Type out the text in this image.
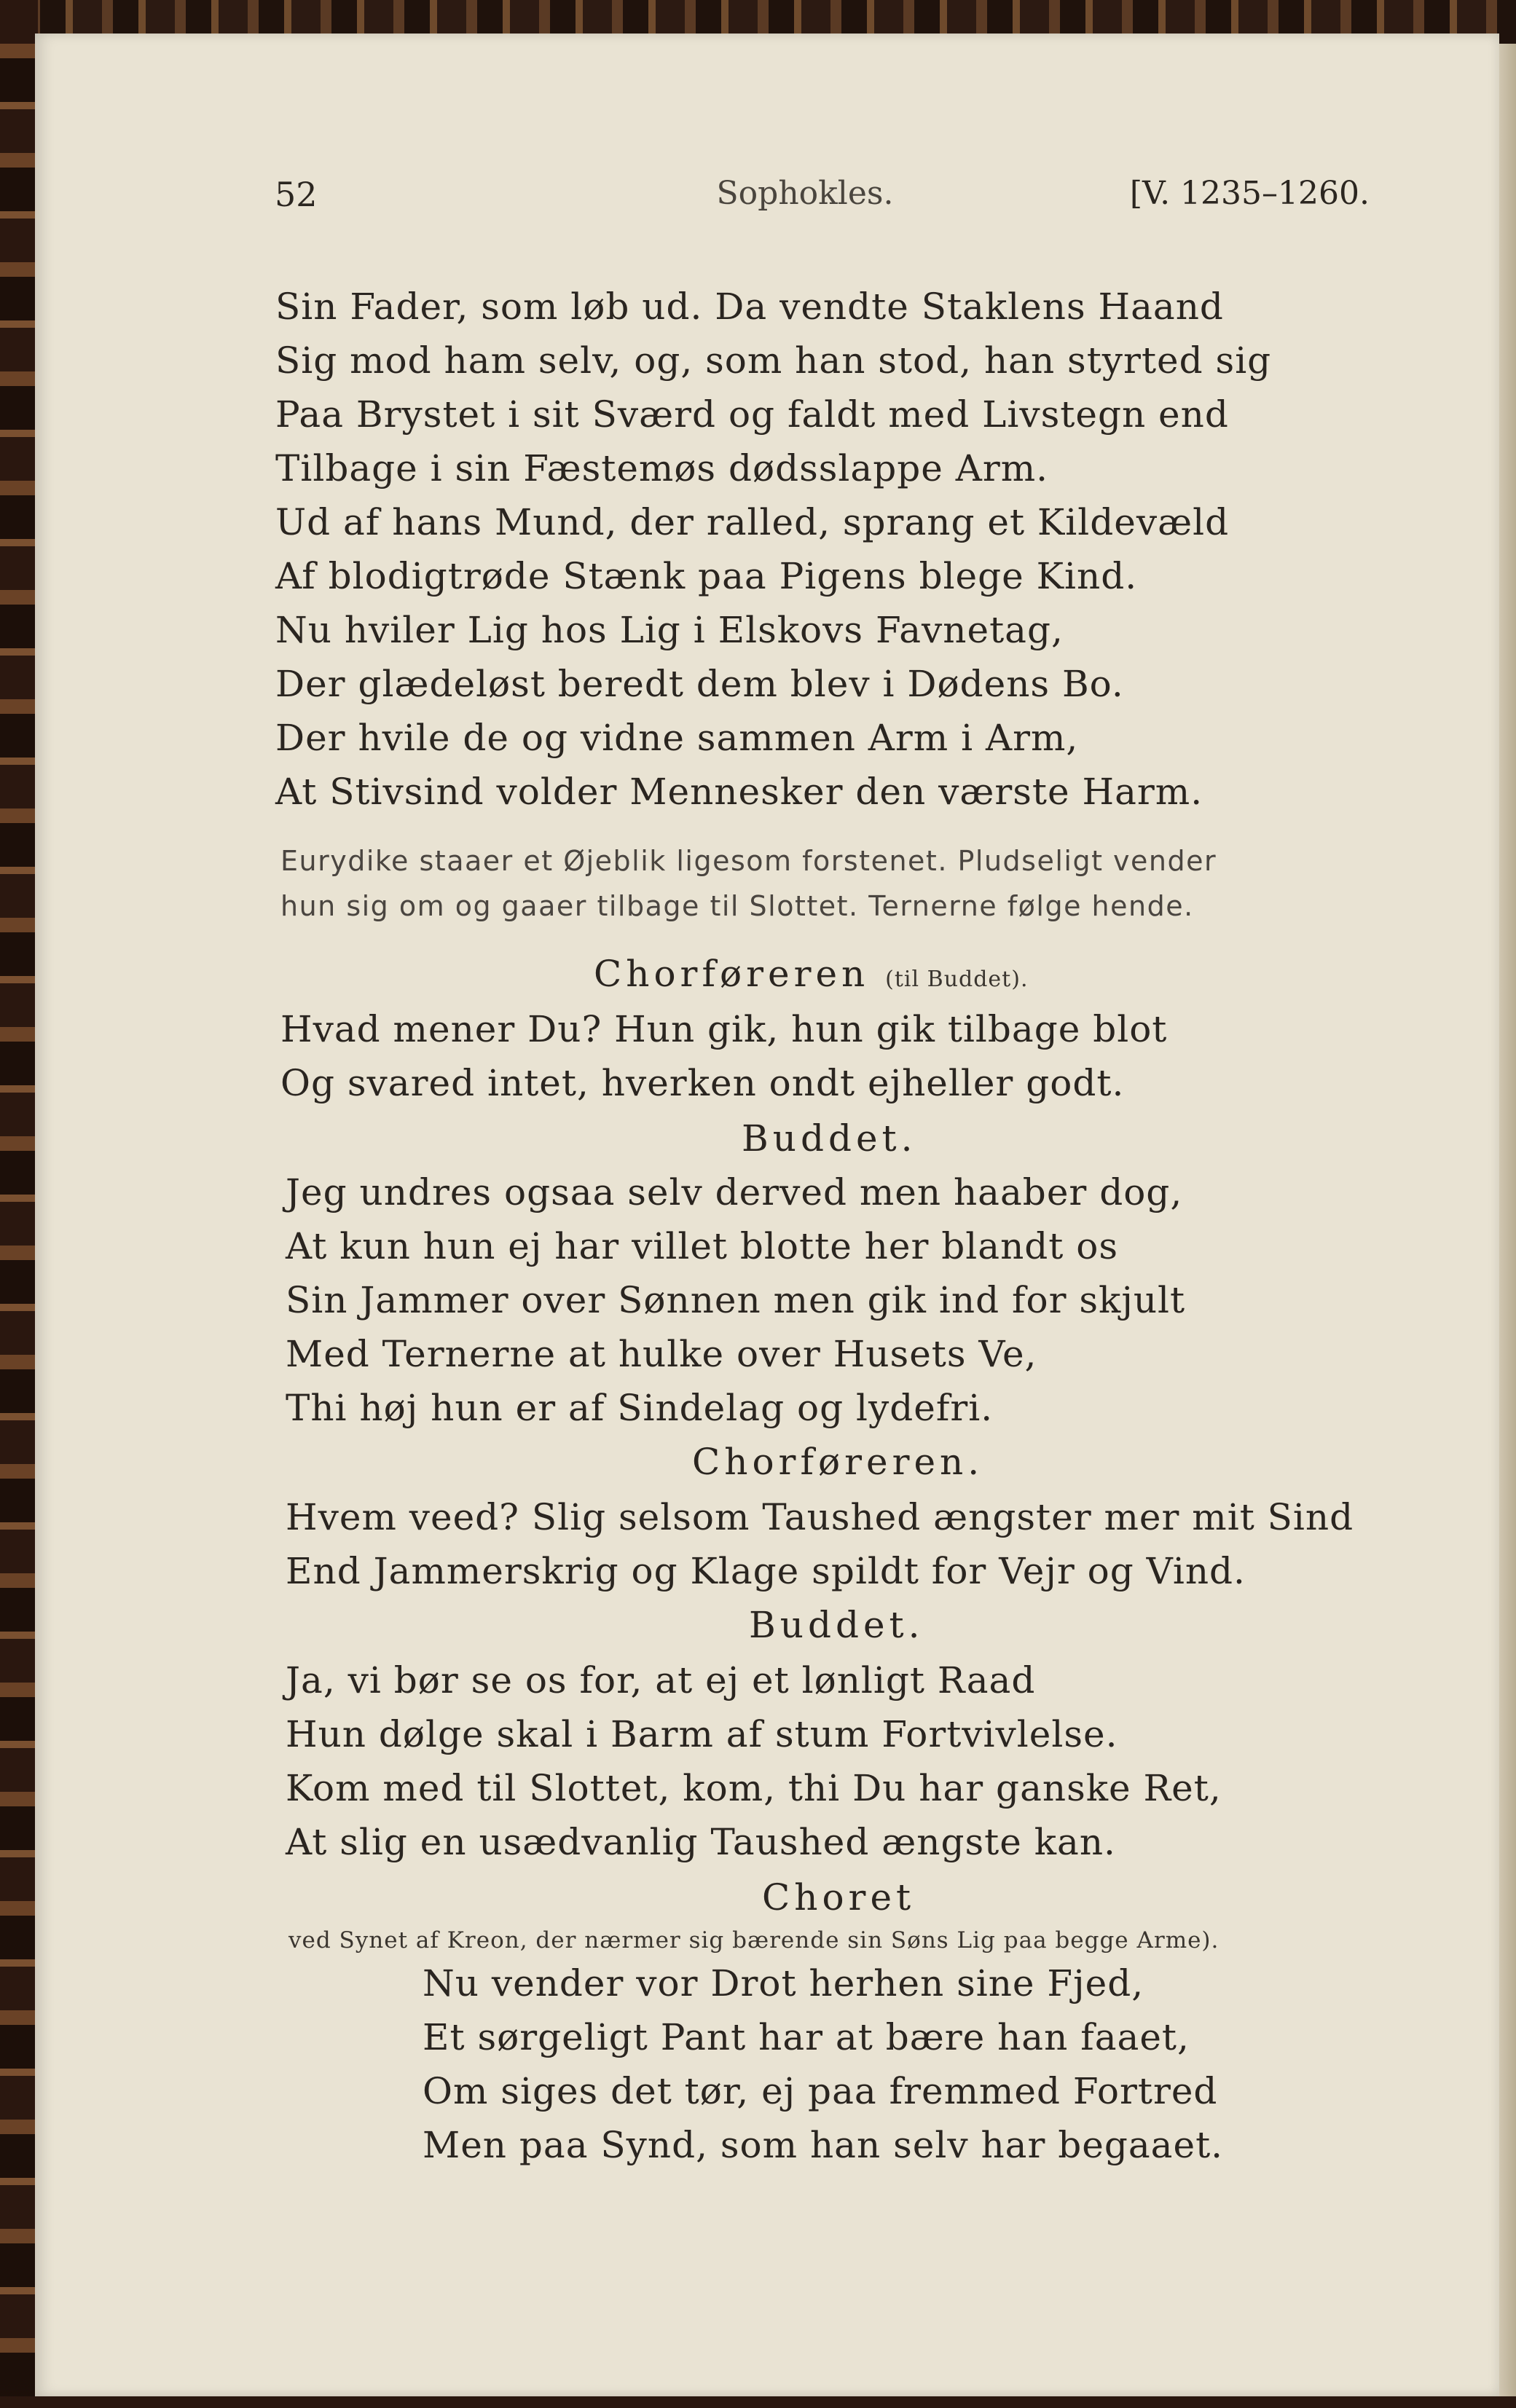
52	Sophokles.	[V. 1235–1260.
Sin Fader, som løb ud. Da vendte Staklens Haand
Sig mod ham selv, og, som han stod, han styrted sig
Paa Brystet i sit Sværd og faldt med Livstegn end
Tilbage i sin Fæstemøs dødsslappe Arm.
Ud af hans Mund, der ralled, sprang et Kildevæld
Af blodigtrøde Stænk paa Pigens blege Kind.
Nu hviler Lig hos Lig i Elskovs Favnetag,
Der glædeløst beredt dem blev i Dødens Bo.
Der hvile de og vidne sammen Arm i Arm,
At Stivsind volder Mennesker den værste Harm.
Eurydike staaer et Øjeblik ligesom forstenet. Pludseligt vender
hun sig om og gaaer tilbage til Slottet. Ternerne følge hende.
Chorføreren (til Buddet).
Hvad mener Du? Hun gik, hun gik tilbage blot
Og svared intet, hverken ondt ejheller godt.
Buddet.
Jeg undres ogsaa selv derved men haaber dog,
At kun hun ej har villet blotte her blandt os
Sin Jammer over Sønnen men gik ind for skjult
Med Ternerne at hulke over Husets Ve,
Thi høj hun er af Sindelag og lydefri.
Chorføreren.
Hvem veed? Slig selsom Taushed ængster mer mit Sind
End Jammerskrig og Klage spildt for Vejr og Vind.
Buddet.
Ja, vi bør se os for, at ej et lønligt Raad
Hun dølge skal i Barm af stum Fortvivlelse.
Kom med til Slottet, kom, thi Du har ganske Ret,
At slig en usædvanlig Taushed ængste kan.
Choret
ved Synet af Kreon, der nærmer sig bærende sin Søns Lig paa begge Arme).
Nu vender vor Drot herhen sine Fjed,
Et sørgeligt Pant har at bære han faaet,
Om siges det tør, ej paa fremmed Fortred
Men paa Synd, som han selv har begaaet.
